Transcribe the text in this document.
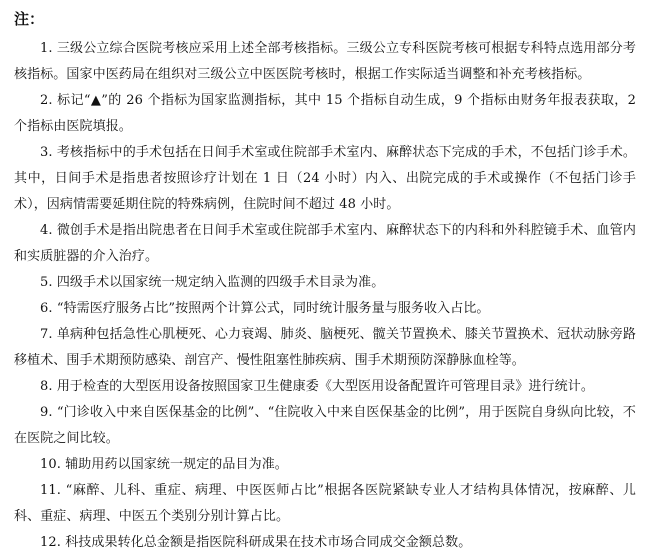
注：

1. 三级公立综合医院考核应采用上述全部考核指标。三级公立专科医院考核可根据专科特点选用部分考核指标。国家中医药局在组织对三级公立中医医院考核时，根据工作实际适当调整和补充考核指标。

2. 标记“▲”的 26 个指标为国家监测指标，其中 15 个指标自动生成，9 个指标由财务年报表获取，2 个指标由医院填报。

3. 考核指标中的手术包括在日间手术室或住院部手术室内、麻醉状态下完成的手术，不包括门诊手术。其中，日间手术是指患者按照诊疗计划在 1 日（24 小时）内入、出院完成的手术或操作（不包括门诊手术），因病情需要延期住院的特殊病例，住院时间不超过 48 小时。

4. 微创手术是指出院患者在日间手术室或住院部手术室内、麻醉状态下的内科和外科腔镜手术、血管内和实质脏器的介入治疗。

5. 四级手术以国家统一规定纳入监测的四级手术目录为准。

6. “特需医疗服务占比”按照两个计算公式，同时统计服务量与服务收入占比。

7. 单病种包括急性心肌梗死、心力衰竭、肺炎、脑梗死、髋关节置换术、膝关节置换术、冠状动脉旁路移植术、围手术期预防感染、剖宫产、慢性阻塞性肺疾病、围手术期预防深静脉血栓等。

8. 用于检查的大型医用设备按照国家卫生健康委《大型医用设备配置许可管理目录》进行统计。

9. “门诊收入中来自医保基金的比例”、“住院收入中来自医保基金的比例”，用于医院自身纵向比较，不在医院之间比较。

10. 辅助用药以国家统一规定的品目为准。

11. “麻醉、儿科、重症、病理、中医医师占比”根据各医院紧缺专业人才结构具体情况，按麻醉、儿科、重症、病理、中医五个类别分别计算占比。

12. 科技成果转化总金额是指医院科研成果在技术市场合同成交金额总数。
